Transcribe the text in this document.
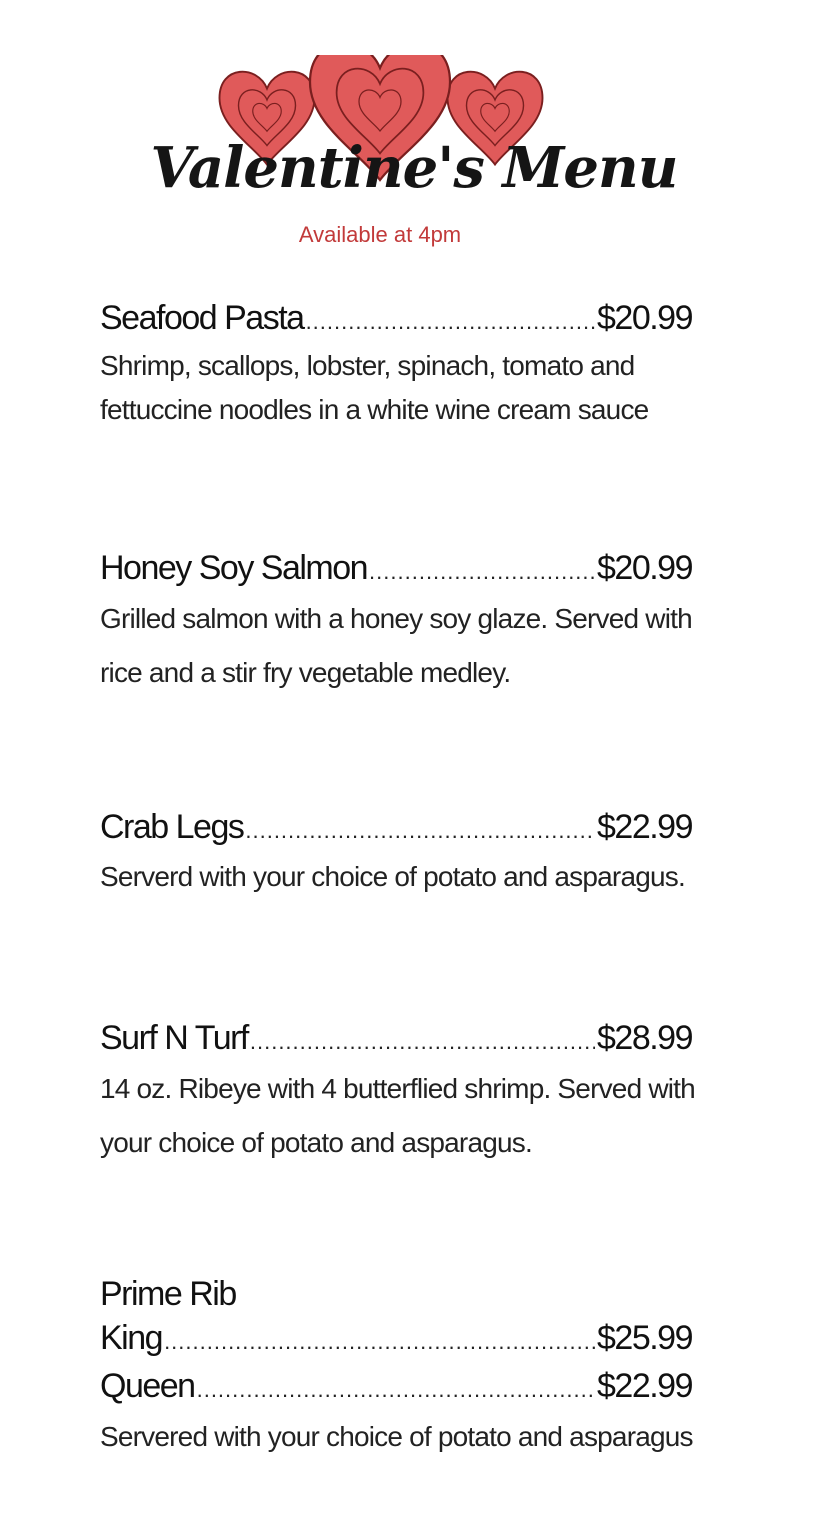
Valentine's Menu
Available at 4pm
Seafood Pasta .....	$20.99

Shrimp, scallops, lobster, spinach, tomato and fettuccine noodles in a white wine cream sauce

Honey Soy Salmon .....	$20.99

Grilled salmon with a honey soy glaze. Served with rice and a stir fry vegetable medley.

Crab Legs .....	$22.99

Serverd with your choice of potato and asparagus.

Surf N Turf .....	$28.99

14 oz. Ribeye with 4 butterflied shrimp. Served with your choice of potato and asparagus.

Prime Rib
King .....	$25.99
Queen .....	$22.99

Servered with your choice of potato and asparagus
